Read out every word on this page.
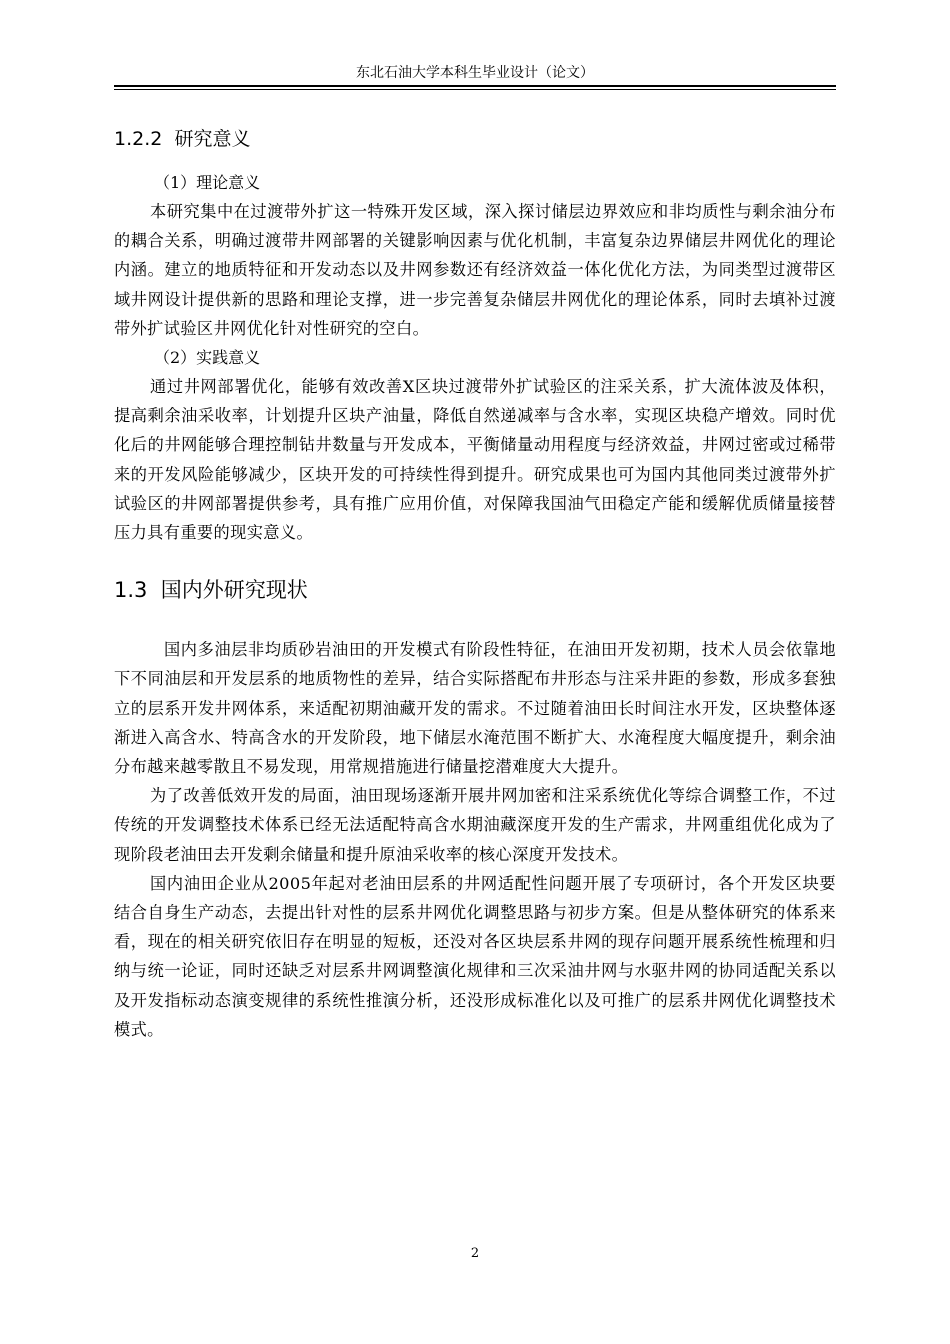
东北石油大学本科生毕业设计（论文）
1.2.2 研究意义
（1）理论意义

本研究集中在过渡带外扩这一特殊开发区域，深入探讨储层边界效应和非均质性与剩余油分布的耦合关系，明确过渡带井网部署的关键影响因素与优化机制，丰富复杂边界储层井网优化的理论内涵。建立的地质特征和开发动态以及井网参数还有经济效益一体化优化方法，为同类型过渡带区域井网设计提供新的思路和理论支撑，进一步完善复杂储层井网优化的理论体系，同时去填补过渡带外扩试验区井网优化针对性研究的空白。

（2）实践意义

通过井网部署优化，能够有效改善X区块过渡带外扩试验区的注采关系，扩大流体波及体积，提高剩余油采收率，计划提升区块产油量，降低自然递减率与含水率，实现区块稳产增效。同时优化后的井网能够合理控制钻井数量与开发成本，平衡储量动用程度与经济效益，井网过密或过稀带来的开发风险能够减少，区块开发的可持续性得到提升。研究成果也可为国内其他同类过渡带外扩试验区的井网部署提供参考，具有推广应用价值，对保障我国油气田稳定产能和缓解优质储量接替压力具有重要的现实意义。

1.3 国内外研究现状

国内多油层非均质砂岩油田的开发模式有阶段性特征，在油田开发初期，技术人员会依靠地下不同油层和开发层系的地质物性的差异，结合实际搭配布井形态与注采井距的参数，形成多套独立的层系开发井网体系，来适配初期油藏开发的需求。不过随着油田长时间注水开发，区块整体逐渐进入高含水、特高含水的开发阶段，地下储层水淹范围不断扩大、水淹程度大幅度提升，剩余油分布越来越零散且不易发现，用常规措施进行储量挖潜难度大大提升。

为了改善低效开发的局面，油田现场逐渐开展井网加密和注采系统优化等综合调整工作，不过传统的开发调整技术体系已经无法适配特高含水期油藏深度开发的生产需求，井网重组优化成为了现阶段老油田去开发剩余储量和提升原油采收率的核心深度开发技术。

国内油田企业从2005年起对老油田层系的井网适配性问题开展了专项研讨，各个开发区块要结合自身生产动态，去提出针对性的层系井网优化调整思路与初步方案。但是从整体研究的体系来看，现在的相关研究依旧存在明显的短板，还没对各区块层系井网的现存问题开展系统性梳理和归纳与统一论证，同时还缺乏对层系井网调整演化规律和三次采油井网与水驱井网的协同适配关系以及开发指标动态演变规律的系统性推演分析，还没形成标准化以及可推广的层系井网优化调整技术模式。

2
